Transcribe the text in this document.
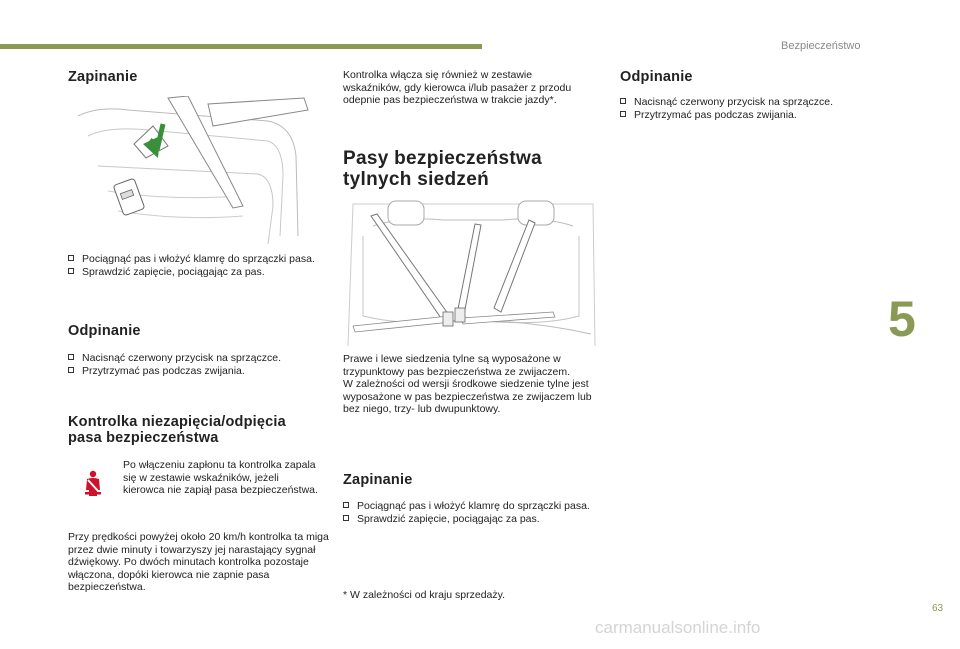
Bezpieczeństwo
5
63
Zapinanie
Pociągnąć pas i włożyć klamrę do sprzączki pasa.
Sprawdzić zapięcie, pociągając za pas.
Odpinanie
Nacisnąć czerwony przycisk na sprzączce.
Przytrzymać pas podczas zwijania.
Kontrolka niezapięcia/odpięcia
pasa bezpieczeństwa
Po włączeniu zapłonu ta kontrolka zapala się w zestawie wskaźników, jeżeli kierowca nie zapiął pasa bezpieczeństwa.
Przy prędkości powyżej około 20 km/h kontrolka ta miga przez dwie minuty i towarzyszy jej narastający sygnał dźwiękowy. Po dwóch minutach kontrolka pozostaje włączona, dopóki kierowca nie zapnie pasa bezpieczeństwa.
Kontrolka włącza się również w zestawie wskaźników, gdy kierowca i/lub pasażer z przodu odepnie pas bezpieczeństwa w trakcie jazdy*.
Pasy bezpieczeństwa
tylnych siedzeń
Prawe i lewe siedzenia tylne są wyposażone w trzypunktowy pas bezpieczeństwa ze zwijaczem.
W zależności od wersji środkowe siedzenie tylne jest wyposażone w pas bezpieczeństwa ze zwijaczem lub bez niego, trzy- lub dwupunktowy.
Zapinanie
Pociągnąć pas i włożyć klamrę do sprzączki pasa.
Sprawdzić zapięcie, pociągając za pas.
* W zależności od kraju sprzedaży.
Odpinanie
Nacisnąć czerwony przycisk na sprzączce.
Przytrzymać pas podczas zwijania.
carmanualsonline.info
